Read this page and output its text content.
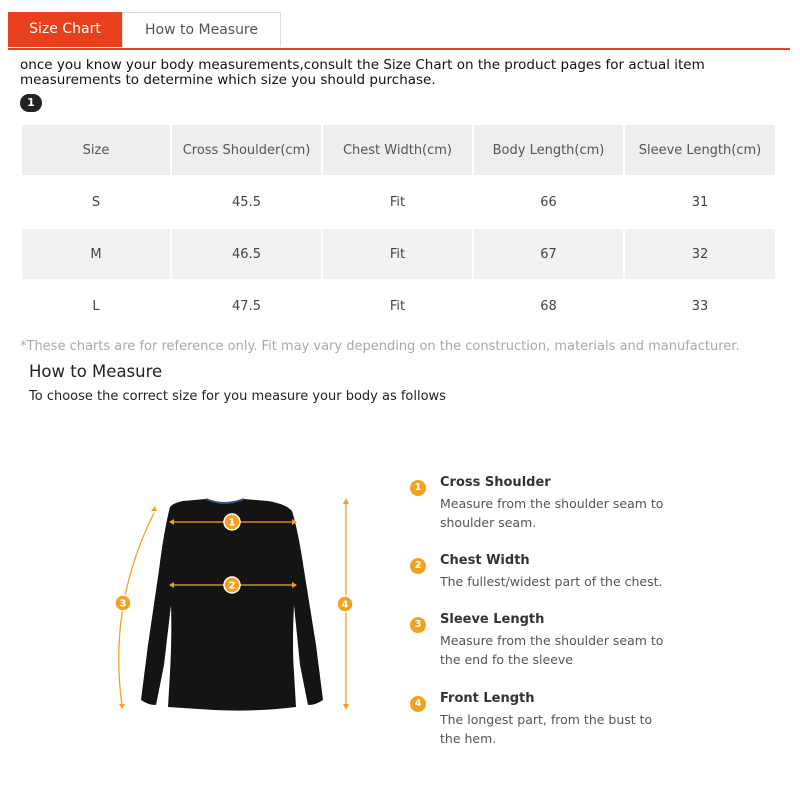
Size Chart	How to Measure
once you know your body measurements,consult the Size Chart on the product pages for actual item measurements to determine which size you should purchase.
1
Size	Cross Shoulder(cm)	Chest Width(cm)	Body Length(cm)	Sleeve Length(cm)
S	45.5	Fit	66	31
M	46.5	Fit	67	32
L	47.5	Fit	68	33
*These charts are for reference only. Fit may vary depending on the construction, materials and manufacturer.
How to Measure
To choose the correct size for you measure your body as follows
1
2
3	4
1	Cross Shoulder
Measure from the shoulder seam to shoulder seam.
2	Chest Width
The fullest/widest part of the chest.
3	Sleeve Length
Measure from the shoulder seam to the end fo the sleeve
4	Front Length
The longest part, from the bust to the hem.
